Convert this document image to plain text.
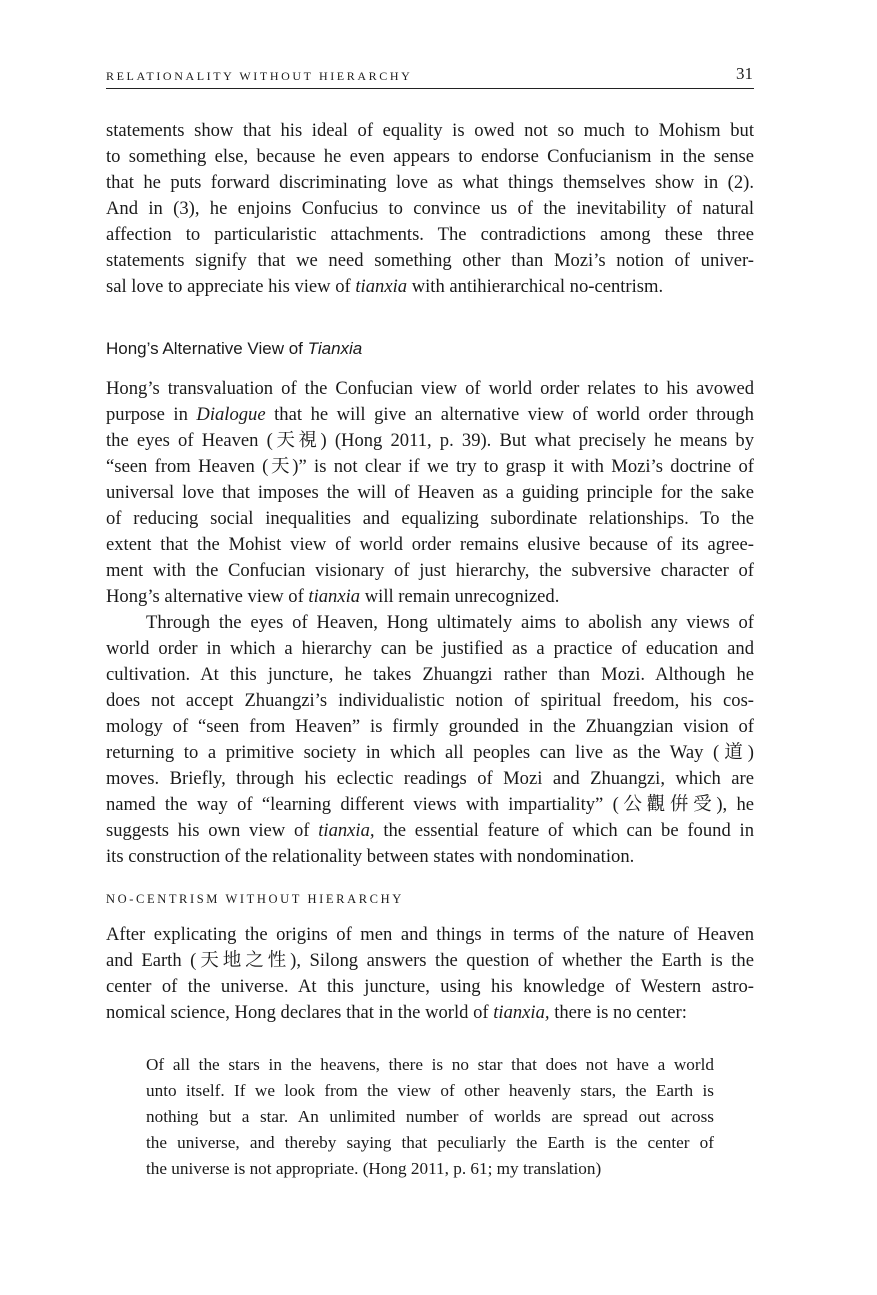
RELATIONALITY WITHOUT HIERARCHY	31
statements show that his ideal of equality is owed not so much to Mohism but
to something else, because he even appears to endorse Confucianism in the sense
that he puts forward discriminating love as what things themselves show in (2).
And in (3), he enjoins Confucius to convince us of the inevitability of natural
affection to particularistic attachments. The contradictions among these three
statements signify that we need something other than Mozi’s notion of univer-
sal love to appreciate his view of tianxia with antihierarchical no-centrism.
Hong’s Alternative View of Tianxia
Hong’s transvaluation of the Confucian view of world order relates to his avowed
purpose in Dialogue that he will give an alternative view of world order through
the eyes of Heaven (天視) (Hong 2011, p. 39). But what precisely he means by
“seen from Heaven (天)” is not clear if we try to grasp it with Mozi’s doctrine of
universal love that imposes the will of Heaven as a guiding principle for the sake
of reducing social inequalities and equalizing subordinate relationships. To the
extent that the Mohist view of world order remains elusive because of its agree-
ment with the Confucian visionary of just hierarchy, the subversive character of
Hong’s alternative view of tianxia will remain unrecognized.
Through the eyes of Heaven, Hong ultimately aims to abolish any views of
world order in which a hierarchy can be justified as a practice of education and
cultivation. At this juncture, he takes Zhuangzi rather than Mozi. Although he
does not accept Zhuangzi’s individualistic notion of spiritual freedom, his cos-
mology of “seen from Heaven” is firmly grounded in the Zhuangzian vision of
returning to a primitive society in which all peoples can live as the Way (道)
moves. Briefly, through his eclectic readings of Mozi and Zhuangzi, which are
named the way of “learning different views with impartiality” (公觀倂受), he
suggests his own view of tianxia, the essential feature of which can be found in
its construction of the relationality between states with nondomination.
NO-CENTRISM WITHOUT HIERARCHY
After explicating the origins of men and things in terms of the nature of Heaven
and Earth (天地之性), Silong answers the question of whether the Earth is the
center of the universe. At this juncture, using his knowledge of Western astro-
nomical science, Hong declares that in the world of tianxia, there is no center:
Of all the stars in the heavens, there is no star that does not have a world
unto itself. If we look from the view of other heavenly stars, the Earth is
nothing but a star. An unlimited number of worlds are spread out across
the universe, and thereby saying that peculiarly the Earth is the center of
the universe is not appropriate. (Hong 2011, p. 61; my translation)
